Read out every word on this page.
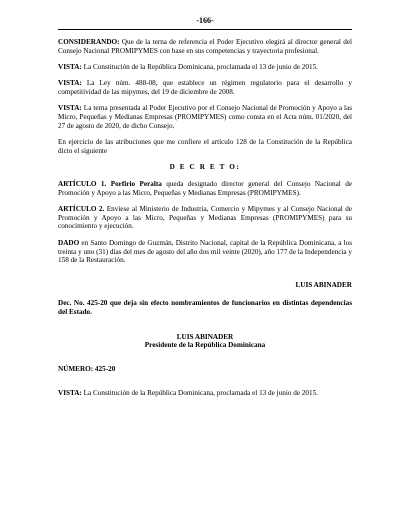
-166-

CONSIDERANDO: Que de la terna de referencia el Poder Ejecutivo elegirá al director general del Consejo Nacional PROMIPYMES con base en sus competencias y trayectoria profesional.

VISTA: La Constitución de la República Dominicana, proclamada el 13 de junio de 2015.

VISTA: La Ley núm. 488-08, que establece un régimen regulatorio para el desarrollo y competitividad de las mipymes, del 19 de diciembre de 2008.

VISTA: La terna presentada al Poder Ejecutivo por el Consejo Nacional de Promoción y Apoyo a las Micro, Pequeñas y Medianas Empresas (PROMIPYMES) como consta en el Acta núm. 01/2020, del 27 de agosto de 2020, de dicho Consejo.

En ejercicio de las atribuciones que me confiere el artículo 128 de la Constitución de la República dicto el siguiente

D E C R E T O:

ARTÍCULO 1. Porfirio Peralta queda designado director general del Consejo Nacional de Promoción y Apoyo a las Micro, Pequeñas y Medianas Empresas (PROMIPYMES).

ARTÍCULO 2. Envíese al Ministerio de Industria, Comercio y Mipymes y al Consejo Nacional de Promoción y Apoyo a las Micro, Pequeñas y Medianas Empresas (PROMIPYMES) para su conocimiento y ejecución.

DADO en Santo Domingo de Guzmán, Distrito Nacional, capital de la República Dominicana, a los treinta y uno (31) días del mes de agosto del año dos mil veinte (2020), año 177 de la Independencia y 158 de la Restauración.

LUIS ABINADER

Dec. No. 425-20 que deja sin efecto nombramientos de funcionarios en distintas dependencias del Estado.

LUIS ABINADER

Presidente de la República Dominicana

NÚMERO: 425-20

VISTA: La Constitución de la República Dominicana, proclamada el 13 de junio de 2015.
